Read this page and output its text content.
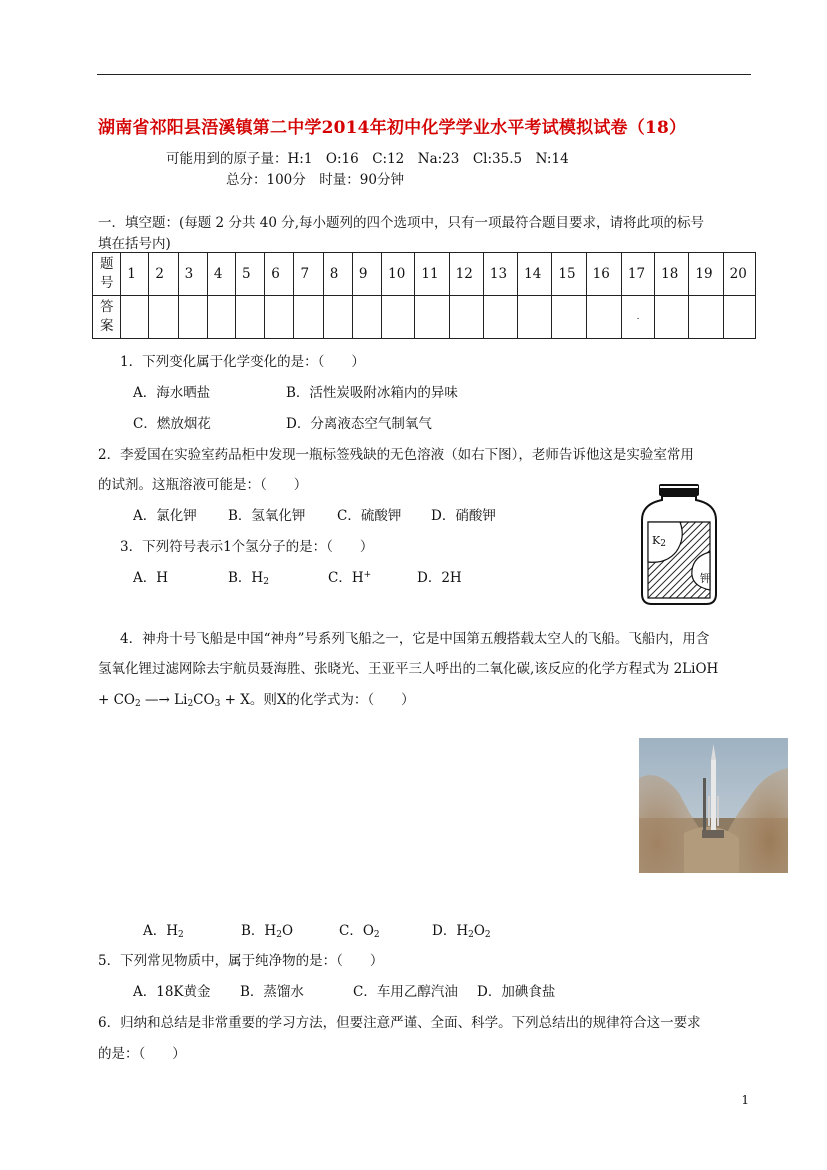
湖南省祁阳县浯溪镇第二中学2014年初中化学学业水平考试模拟试卷（18）
可能用到的原子量：H:1　O:16　C:12　Na:23　Cl:35.5　N:14
总分：100分　时量：90分钟
一．填空题：(每题 2 分共 40 分,每小题列的四个选项中，只有一项最符合题目要求，请将此项的标号
填在括号内)
题号	1	2	3	4	5	6	7	8	9	10	11	12	13	14	15	16	17	18	19	20
答案																	.			
1．下列变化属于化学变化的是：（　　）
A．海水晒盐	B．活性炭吸附冰箱内的异味
C．燃放烟花	D．分离液态空气制氧气
2．李爱国在实验室药品柜中发现一瓶标签残缺的无色溶液（如右下图），老师告诉他这是实验室常用
的试剂。这瓶溶液可能是：（　　）
A．氯化钾 B．氢氧化钾 C．硫酸钾 D．硝酸钾
$K_2$
钾
3．下列符号表示1个氢分子的是：（　　）
A．H	B．$H_2$	C．H+	D．2H
4．神舟十号飞船是中国“神舟”号系列飞船之一，它是中国第五艘搭载太空人的飞船。飞船内，用含
氢氧化锂过滤网除去宇航员聂海胜、张晓光、王亚平三人呼出的二氧化碳,该反应的化学方程式为 2LiOH
+ $CO_2$ —→ $Li_2CO_3 + X$。则X的化学式为：（　　）
A．$H_2$	B．$H_2O$	C．$O_2$	D．$H_2O_2$
5．下列常见物质中，属于纯净物的是：（　　）
A．18K黄金 B．蒸馏水	C．车用乙醇汽油 D．加碘食盐
6．归纳和总结是非常重要的学习方法，但要注意严谨、全面、科学。下列总结出的规律符合这一要求
的是：（　　）
1
